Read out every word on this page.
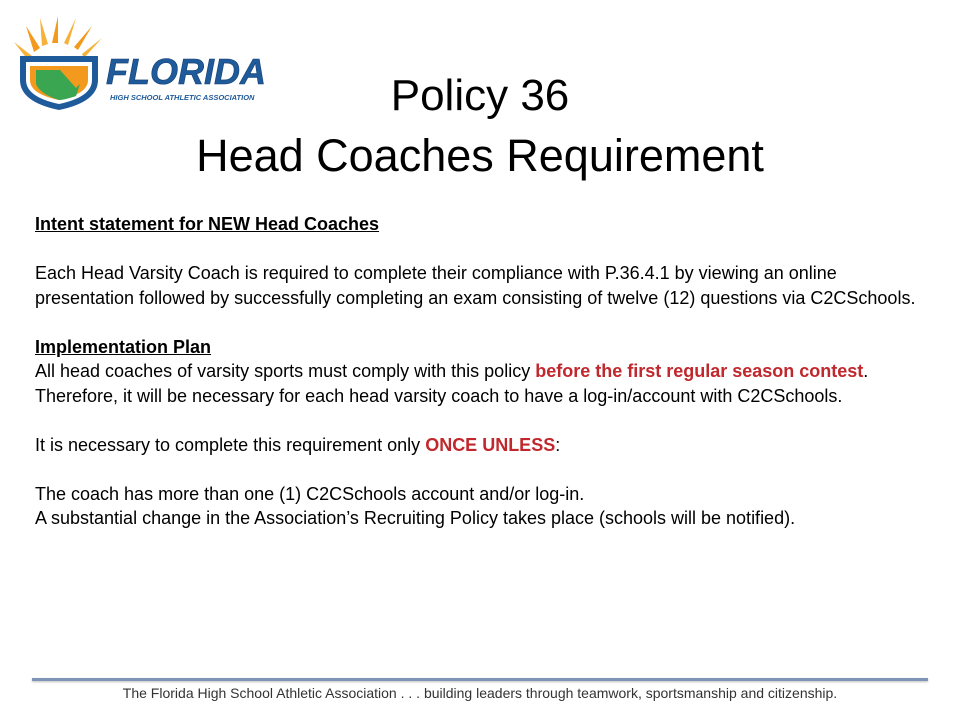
FLORIDA
HIGH SCHOOL ATHLETIC ASSOCIATION	Policy 36
Head Coaches Requirement

Intent statement for NEW Head Coaches

Each Head Varsity Coach is required to complete their compliance with P.36.4.1 by viewing an online presentation followed by successfully completing an exam consisting of twelve (12) questions via C2CSchools.

Implementation Plan

All head coaches of varsity sports must comply with this policy before the first regular season contest. Therefore, it will be necessary for each head varsity coach to have a log-in/account with C2CSchools.

It is necessary to complete this requirement only ONCE UNLESS:

The coach has more than one (1) C2CSchools account and/or log-in.

A substantial change in the Association’s Recruiting Policy takes place (schools will be notified).

The Florida High School Athletic Association . . . building leaders through teamwork, sportsmanship and citizenship.
